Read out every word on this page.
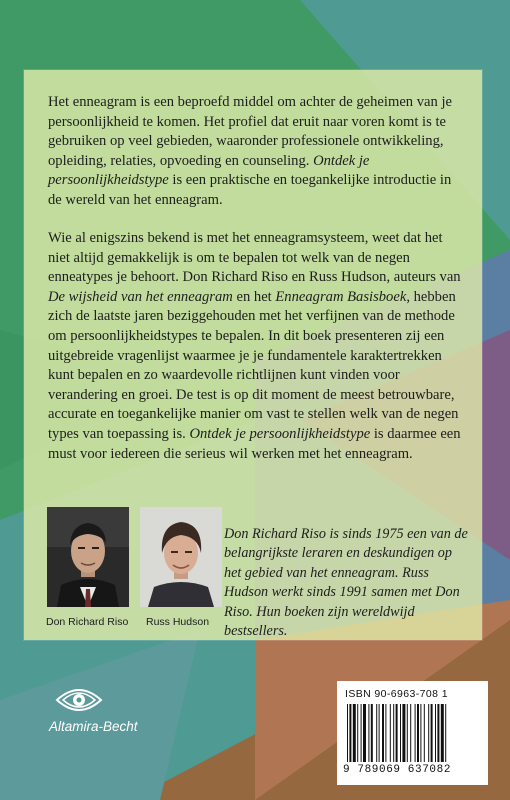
Het enneagram is een beproefd middel om achter de geheimen van je persoonlijkheid te komen. Het profiel dat eruit naar voren komt is te gebruiken op veel gebieden, waaronder professionele ontwikkeling, opleiding, relaties, opvoeding en counseling. Ontdek je persoonlijkheidstype is een praktische en toegankelijke introductie in de wereld van het enneagram.
Wie al enigszins bekend is met het enneagramsysteem, weet dat het niet altijd gemakkelijk is om te bepalen tot welk van de negen enneatypes je behoort. Don Richard Riso en Russ Hudson, auteurs van De wijsheid van het enneagram en het Enneagram Basisboek, hebben zich de laatste jaren beziggehouden met het verfijnen van de methode om persoonlijkheidstypes te bepalen. In dit boek presenteren zij een uitgebreide vragenlijst waarmee je je fundamentele karaktertrekken kunt bepalen en zo waardevolle richtlijnen kunt vinden voor verandering en groei. De test is op dit moment de meest betrouwbare, accurate en toegankelijke manier om vast te stellen welk van de negen types van toepassing is. Ontdek je persoonlijkheidstype is daarmee een must voor iedereen die serieus wil werken met het enneagram.
Don Richard Riso Russ Hudson
Don Richard Riso is sinds 1975 een van de belangrijkste leraren en deskundigen op het gebied van het enneagram. Russ Hudson werkt sinds 1991 samen met Don Riso. Hun boeken zijn wereldwijd bestsellers.
Altamira-Becht
ISBN 90-6963-708 1
9 789069 637082
